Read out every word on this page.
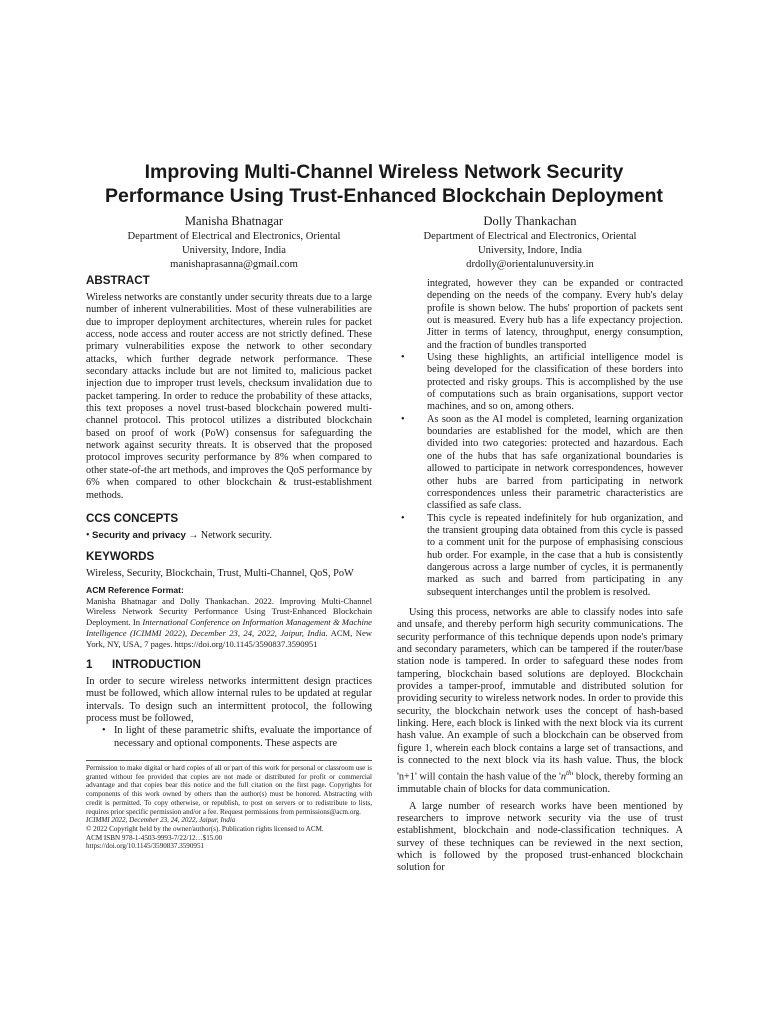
Improving Multi-Channel Wireless Network Security
Performance Using Trust-Enhanced Blockchain Deployment
Manisha Bhatnagar
Department of Electrical and Electronics, Oriental
University, Indore, India
manishaprasanna@gmail.com
Dolly Thankachan
Department of Electrical and Electronics, Oriental
University, Indore, India
drdolly@orientalunuversity.in
ABSTRACT

Wireless networks are constantly under security threats due to a large number of inherent vulnerabilities. Most of these vulnerabilities are due to improper deployment architectures, wherein rules for packet access, node access and router access are not strictly defined. These primary vulnerabilities expose the network to other secondary attacks, which further degrade network performance. These secondary attacks include but are not limited to, malicious packet injection due to improper trust levels, checksum invalidation due to packet tampering. In order to reduce the probability of these attacks, this text proposes a novel trust-based blockchain powered multi-channel protocol. This protocol utilizes a distributed blockchain based on proof of work (PoW) consensus for safeguarding the network against security threats. It is observed that the proposed protocol improves security performance by 8% when compared to other state-of-the art methods, and improves the QoS performance by 6% when compared to other blockchain & trust-establishment methods.

CCS CONCEPTS
• Security and privacy → Network security.
KEYWORDS
Wireless, Security, Blockchain, Trust, Multi-Channel, QoS, PoW
ACM Reference Format:
Manisha Bhatnagar and Dolly Thankachan. 2022. Improving Multi-Channel Wireless Network Security Performance Using Trust-Enhanced Blockchain Deployment. In International Conference on Information Management & Machine Intelligence (ICIMMI 2022), December 23, 24, 2022, Jaipur, India. ACM, New York, NY, USA, 7 pages. https://doi.org/10.1145/3590837.3590951
1 INTRODUCTION

In order to secure wireless networks intermittent design practices must be followed, which allow internal rules to be updated at regular intervals. To design such an intermittent protocol, the following process must be followed,

• In light of these parametric shifts, evaluate the importance of necessary and optional components. These aspects are

Permission to make digital or hard copies of all or part of this work for personal or classroom use is granted without fee provided that copies are not made or distributed for profit or commercial advantage and that copies bear this notice and the full citation on the first page. Copyrights for components of this work owned by others than the author(s) must be honored. Abstracting with credit is permitted. To copy otherwise, or republish, to post on servers or to redistribute to lists, requires prior specific permission and/or a fee. Request permissions from permissions@acm.org.

ICIMMI 2022, December 23, 24, 2022, Jaipur, India

© 2022 Copyright held by the owner/author(s). Publication rights licensed to ACM.

ACM ISBN 978-1-4503-9993-7/22/12…$15.00

https://doi.org/10.1145/3590837.3590951

integrated, however they can be expanded or contracted depending on the needs of the company. Every hub's delay profile is shown below. The hubs' proportion of packets sent out is measured. Every hub has a life expectancy projection. Jitter in terms of latency, throughput, energy consumption, and the fraction of bundles transported

• Using these highlights, an artificial intelligence model is being developed for the classification of these borders into protected and risky groups. This is accomplished by the use of computations such as brain organisations, support vector machines, and so on, among others.
• As soon as the AI model is completed, learning organization boundaries are established for the model, which are then divided into two categories: protected and hazardous. Each one of the hubs that has safe organizational boundaries is allowed to participate in network correspondences, however other hubs are barred from participating in network correspondences unless their parametric characteristics are classified as safe class.
• This cycle is repeated indefinitely for hub organization, and the transient grouping data obtained from this cycle is passed to a comment unit for the purpose of emphasising conscious hub order. For example, in the case that a hub is consistently dangerous across a large number of cycles, it is permanently marked as such and barred from participating in any subsequent interchanges until the problem is resolved.

Using this process, networks are able to classify nodes into safe and unsafe, and thereby perform high security communications. The security performance of this technique depends upon node's primary and secondary parameters, which can be tampered if the router/base station node is tampered. In order to safeguard these nodes from tampering, blockchain based solutions are deployed. Blockchain provides a tamper-proof, immutable and distributed solution for providing security to wireless network nodes. In order to provide this security, the blockchain network uses the concept of hash-based linking. Here, each block is linked with the next block via its current hash value. An example of such a blockchain can be observed from figure 1, wherein each block contains a large set of transactions, and is connected to the next block via its hash value. Thus, the block 'n+1' will contain the hash value of the '$n^{th}$' block, thereby forming an immutable chain of blocks for data communication.

A large number of research works have been mentioned by researchers to improve network security via the use of trust establishment, blockchain and node-classification techniques. A survey of these techniques can be reviewed in the next section, which is followed by the proposed trust-enhanced blockchain solution for
